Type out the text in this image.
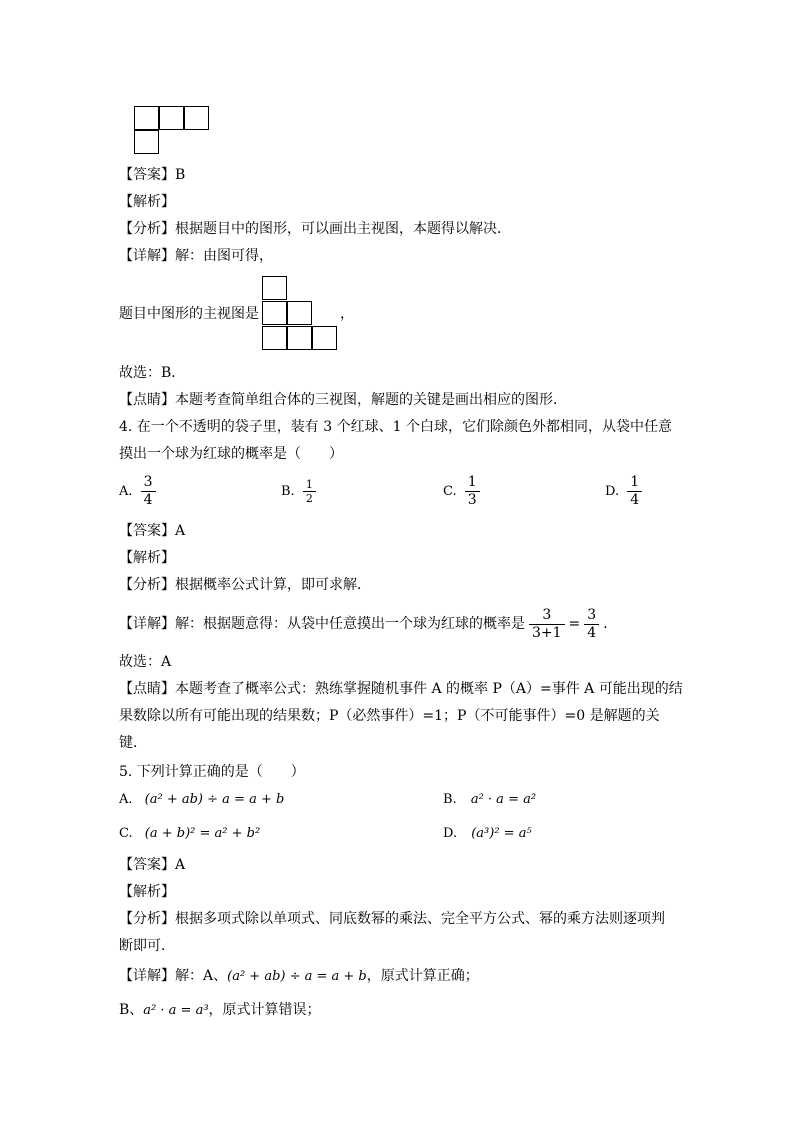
【答案】B
【解析】
【分析】根据题目中的图形，可以画出主视图，本题得以解决．
【详解】解：由图可得，
题目中图形的主视图是	，
故选：B．
【点睛】本题考查简单组合体的三视图，解题的关键是画出相应的图形．
4. 在一个不透明的袋子里，装有 3 个红球、1 个白球，它们除颜色外都相同，从袋中任意
摸出一个球为红球的概率是（　　）
A. $\frac{3}{4}$	B. $\frac{1}{2}$	C. $\frac{1}{3}$	D. $\frac{1}{4}$
【答案】A
【解析】
【分析】根据概率公式计算，即可求解．
【详解】解：根据题意得：从袋中任意摸出一个球为红球的概率是 $\frac{3}{3+1} = \frac{3}{4}$ ．
故选：A
【点睛】本题考查了概率公式：熟练掌握随机事件 A 的概率 P（A）=事件 A 可能出现的结
果数除以所有可能出现的结果数；P（必然事件）=1；P（不可能事件）=0 是解题的关
键．
5. 下列计算正确的是（　　）
A. (a² + ab) ÷ a = a + b	B. a² · a = a²
C. (a + b)² = a² + b²	D. (a³)² = a⁵
【答案】A
【解析】
【分析】根据多项式除以单项式、同底数幂的乘法、完全平方公式、幂的乘方法则逐项判
断即可．
【详解】解：A、(a² + ab) ÷ a = a + b，原式计算正确；
B、a² · a = a³，原式计算错误；
